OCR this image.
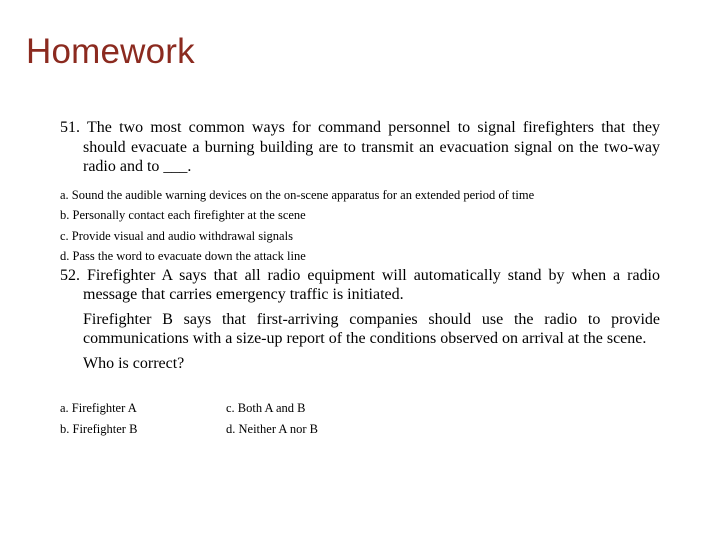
Homework
51. The two most common ways for command personnel to signal firefighters that they should evacuate a burning building are to transmit an evacuation signal on the two-way radio and to ___.
a. Sound the audible warning devices on the on-scene apparatus for an extended period of time
b. Personally contact each firefighter at the scene
c. Provide visual and audio withdrawal signals
d. Pass the word to evacuate down the attack line
52. Firefighter A says that all radio equipment will automatically stand by when a radio message that carries emergency traffic is initiated.
Firefighter B says that first-arriving companies should use the radio to provide communications with a size-up report of the conditions observed on arrival at the scene.
Who is correct?
a. Firefighter A	c. Both A and B
b. Firefighter B	d. Neither A nor B
